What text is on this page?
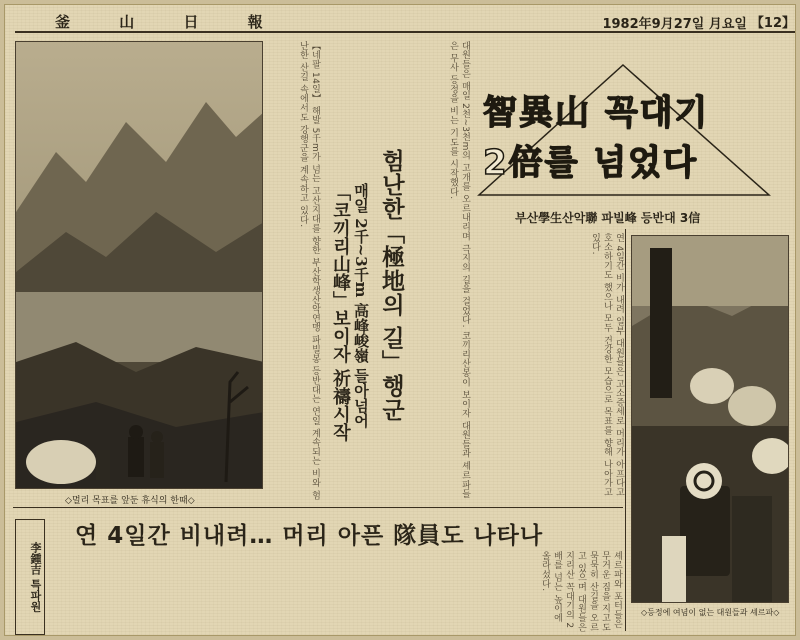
釜 山 日 報	1982年9月27일 月요일 【12】
◇멀리 목표를 앞둔 휴식의 한때◇
【네팔 14일】 해발 5千m가 넘는 고산지대를 향한 부산학생산악연맹 파빌봉 등반대는 연일 계속되는 비와 험난한 산길 속에서도 강행군을 계속하고 있다.	대원들은 매일 2천~3천m의 고개를 오르내리며 극지의 길을 걸었다. 코끼리산봉이 보이자 대원들과 셰르파들은 무사 등정을 비는 기도를 시작했다.
「코끼리山峰」보이자 祈禱시작 매일 2千~3千m 高峰峻嶺 들아넘어 험난한「極地의 길」행군
智異山 꼭대기
2倍를 넘었다
부산學生산악聯 파빌峰 등반대 3信
연 4일간 비가 내려 일부 대원들은 고소증세로 머리가 아프다고 호소하기도 했으나 모두 건강한 모습으로 목표를 향해 나아가고 있다.
◇등정에 여념이 없는 대원들과 셰르파◇
연 4일간 비내려… 머리 아픈 隊員도 나타나
李鍾吉 특파원	셰르파와 포터들은 무거운 짐을 지고도 묵묵히 산길을 오르고 있으며 대원들은 지리산 꼭대기의 2배를 넘는 높이에 올라섰다.
